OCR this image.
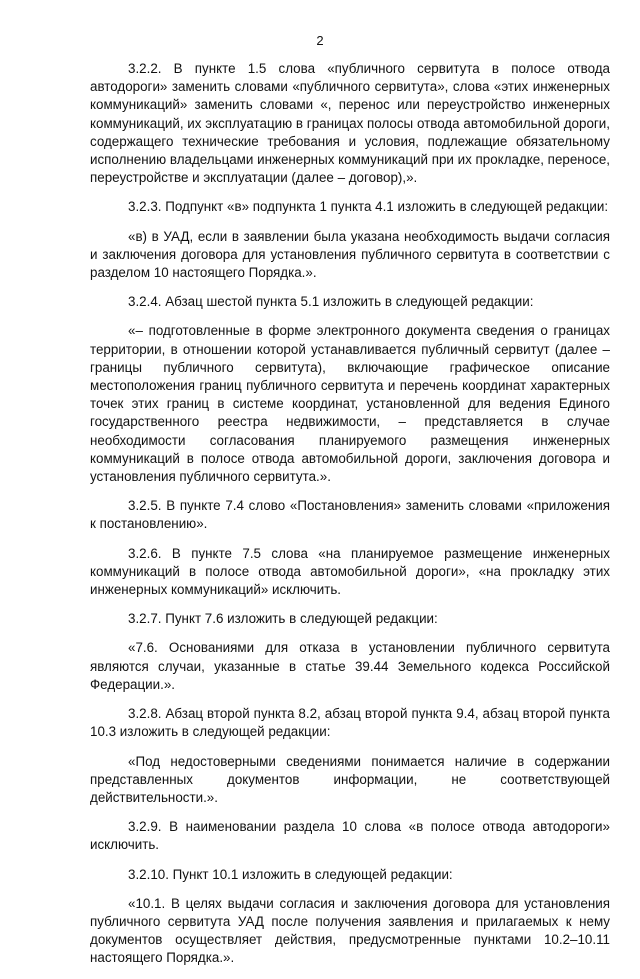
2

3.2.2. В пункте 1.5 слова «публичного сервитута в полосе отвода автодороги» заменить словами «публичного сервитута», слова «этих инженерных коммуникаций» заменить словами «, перенос или переустройство инженерных коммуникаций, их эксплуатацию в границах полосы отвода автомобильной дороги, содержащего технические требования и условия, подлежащие обязательному исполнению владельцами инженерных коммуникаций при их прокладке, переносе, переустройстве и эксплуатации (далее – договор),».

3.2.3. Подпункт «в» подпункта 1 пункта 4.1 изложить в следующей редакции:

«в) в УАД, если в заявлении была указана необходимость выдачи согласия и заключения договора для установления публичного сервитута в соответствии с разделом 10 настоящего Порядка.».

3.2.4. Абзац шестой пункта 5.1 изложить в следующей редакции:

«– подготовленные в форме электронного документа сведения о границах территории, в отношении которой устанавливается публичный сервитут (далее – границы публичного сервитута), включающие графическое описание местоположения границ публичного сервитута и перечень координат характерных точек этих границ в системе координат, установленной для ведения Единого государственного реестра недвижимости, – представляется в случае необходимости согласования планируемого размещения инженерных коммуникаций в полосе отвода автомобильной дороги, заключения договора и установления публичного сервитута.».

3.2.5. В пункте 7.4 слово «Постановления» заменить словами «приложения к постановлению».

3.2.6. В пункте 7.5 слова «на планируемое размещение инженерных коммуникаций в полосе отвода автомобильной дороги», «на прокладку этих инженерных коммуникаций» исключить.

3.2.7. Пункт 7.6 изложить в следующей редакции:

«7.6. Основаниями для отказа в установлении публичного сервитута являются случаи, указанные в статье 39.44 Земельного кодекса Российской Федерации.».

3.2.8. Абзац второй пункта 8.2, абзац второй пункта 9.4, абзац второй пункта 10.3 изложить в следующей редакции:

«Под недостоверными сведениями понимается наличие в содержании представленных документов информации, не соответствующей действительности.».

3.2.9. В наименовании раздела 10 слова «в полосе отвода автодороги» исключить.

3.2.10. Пункт 10.1 изложить в следующей редакции:

«10.1. В целях выдачи согласия и заключения договора для установления публичного сервитута УАД после получения заявления и прилагаемых к нему документов осуществляет действия, предусмотренные пунктами 10.2–10.11 настоящего Порядка.».
